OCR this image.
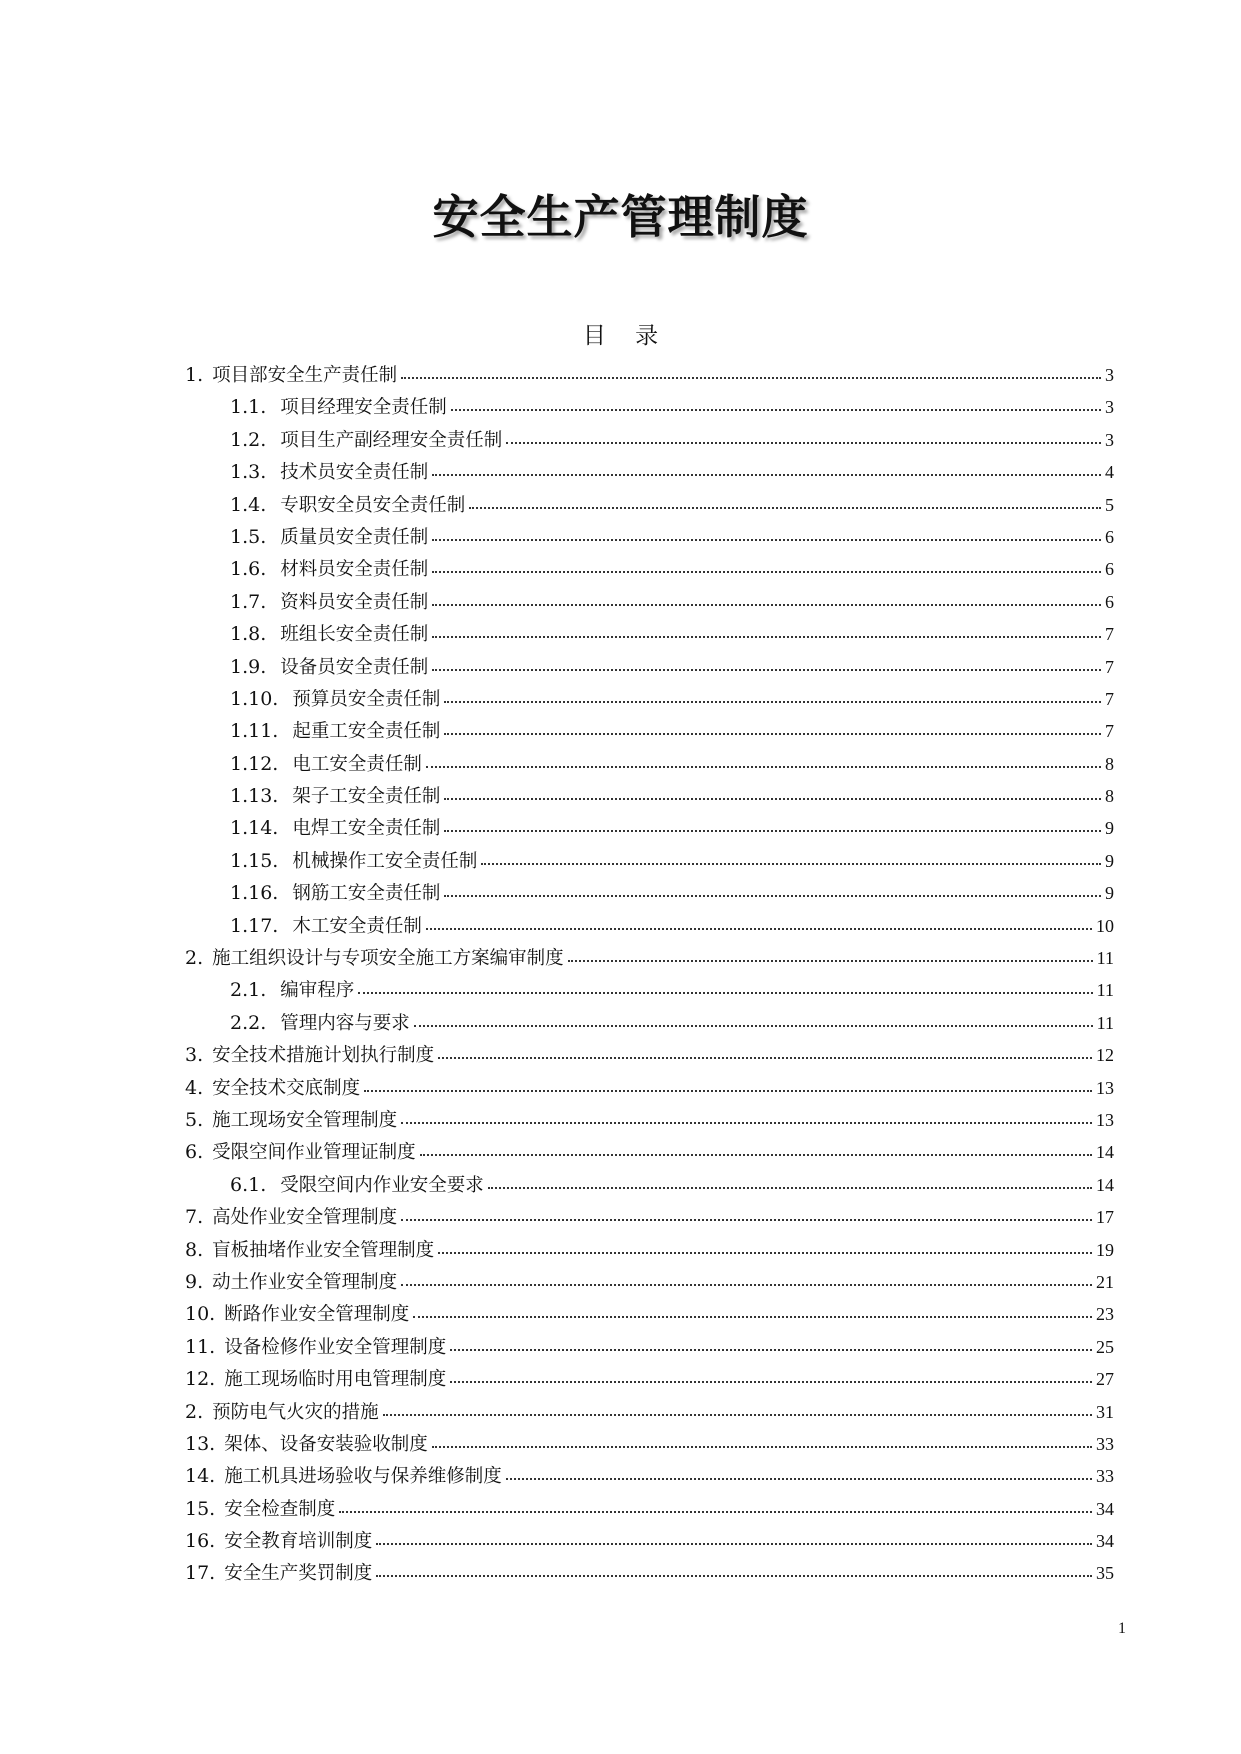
安全生产管理制度
目 录
1. 项目部安全生产责任制	3
1.1. 项目经理安全责任制	3
1.2. 项目生产副经理安全责任制	3
1.3. 技术员安全责任制	4
1.4. 专职安全员安全责任制	5
1.5. 质量员安全责任制	6
1.6. 材料员安全责任制	6
1.7. 资料员安全责任制	6
1.8. 班组长安全责任制	7
1.9. 设备员安全责任制	7
1.10. 预算员安全责任制	7
1.11. 起重工安全责任制	7
1.12. 电工安全责任制	8
1.13. 架子工安全责任制	8
1.14. 电焊工安全责任制	9
1.15. 机械操作工安全责任制	9
1.16. 钢筋工安全责任制	9
1.17. 木工安全责任制	10
2. 施工组织设计与专项安全施工方案编审制度	11
2.1. 编审程序	11
2.2. 管理内容与要求	11
3. 安全技术措施计划执行制度	12
4. 安全技术交底制度	13
5. 施工现场安全管理制度	13
6. 受限空间作业管理证制度	14
6.1. 受限空间内作业安全要求	14
7. 高处作业安全管理制度	17
8. 盲板抽堵作业安全管理制度	19
9. 动土作业安全管理制度	21
10. 断路作业安全管理制度	23
11. 设备检修作业安全管理制度	25
12. 施工现场临时用电管理制度	27
2. 预防电气火灾的措施	31
13. 架体、设备安装验收制度	33
14. 施工机具进场验收与保养维修制度	33
15. 安全检查制度	34
16. 安全教育培训制度	34
17. 安全生产奖罚制度	35
1
